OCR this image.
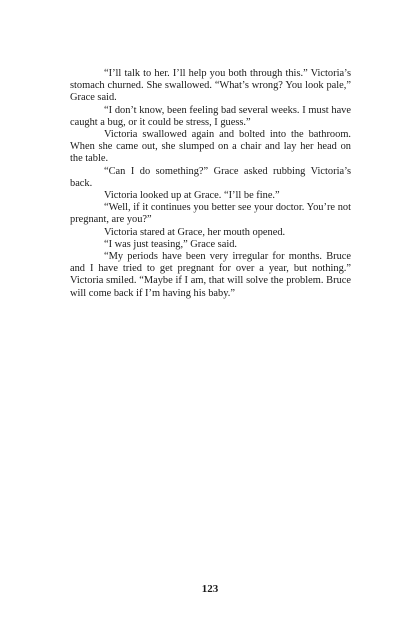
“I’ll talk to her. I’ll help you both through this.” Victoria’s stomach churned. She swallowed. “What’s wrong? You look pale,” Grace said.

“I don’t know, been feeling bad several weeks. I must have caught a bug, or it could be stress, I guess.”

Victoria swallowed again and bolted into the bathroom. When she came out, she slumped on a chair and lay her head on the table.

“Can I do something?” Grace asked rubbing Victoria’s back.

Victoria looked up at Grace. “I’ll be fine.”

“Well, if it continues you better see your doctor. You’re not pregnant, are you?”

Victoria stared at Grace, her mouth opened.

“I was just teasing,” Grace said.

“My periods have been very irregular for months. Bruce and I have tried to get pregnant for over a year, but nothing.” Victoria smiled. “Maybe if I am, that will solve the problem. Bruce will come back if I’m having his baby.”

123
